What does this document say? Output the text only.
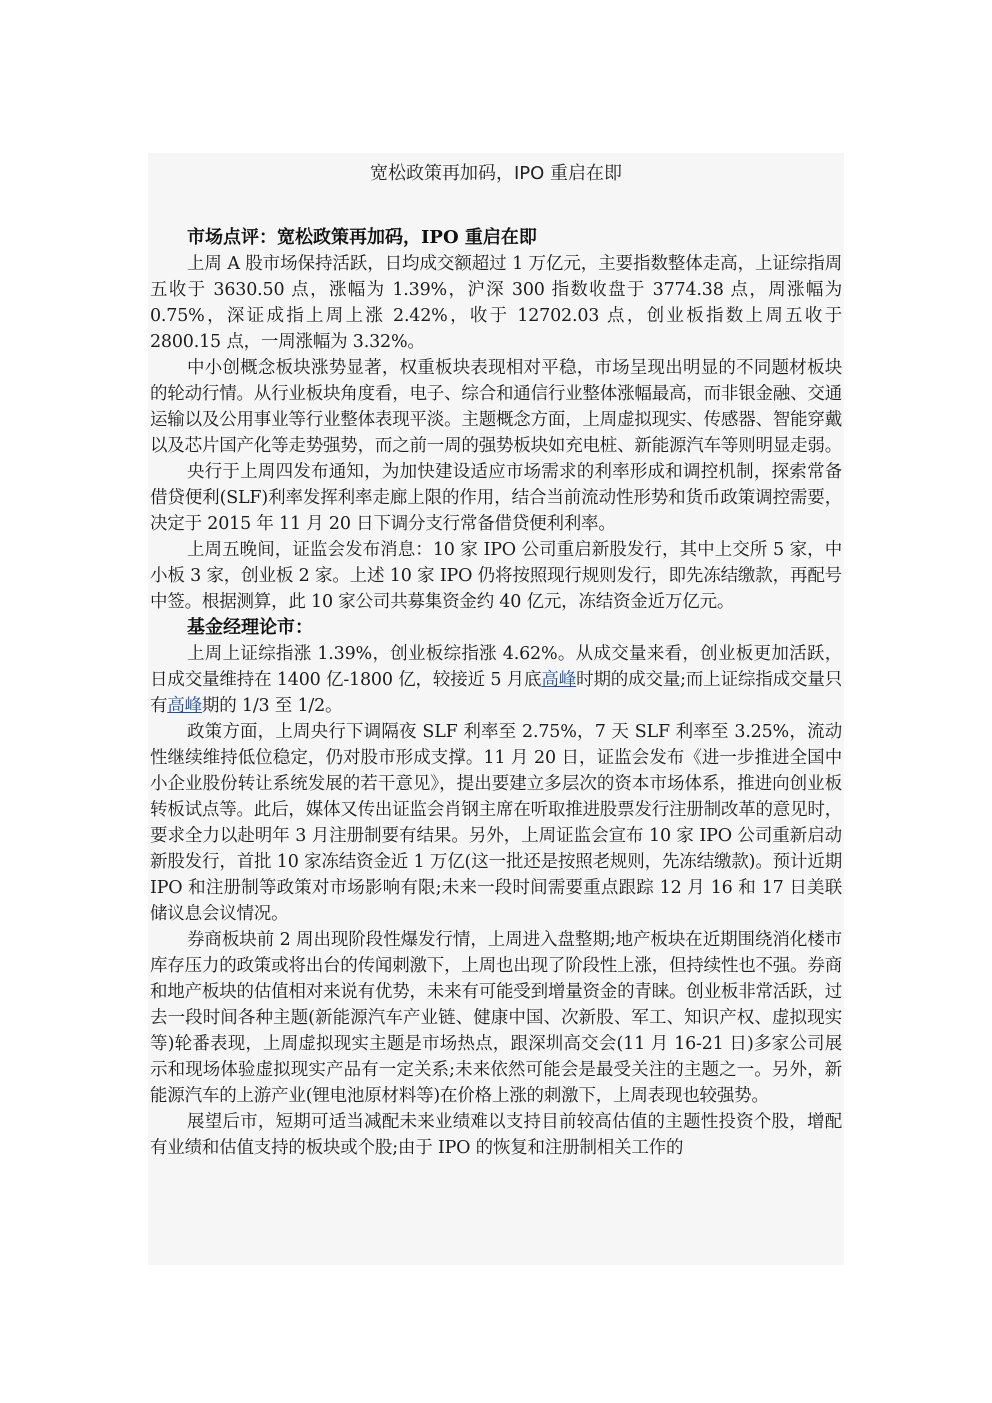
宽松政策再加码，IPO 重启在即
市场点评：宽松政策再加码，IPO 重启在即

上周 A 股市场保持活跃，日均成交额超过 1 万亿元，主要指数整体走高，上证综指周五收于 3630.50 点，涨幅为 1.39%，沪深 300 指数收盘于 3774.38 点，周涨幅为 0.75%，深证成指上周上涨 2.42%，收于 12702.03 点，创业板指数上周五收于 2800.15 点，一周涨幅为 3.32%。

中小创概念板块涨势显著，权重板块表现相对平稳，市场呈现出明显的不同题材板块的轮动行情。从行业板块角度看，电子、综合和通信行业整体涨幅最高，而非银金融、交通运输以及公用事业等行业整体表现平淡。主题概念方面，上周虚拟现实、传感器、智能穿戴以及芯片国产化等走势强势，而之前一周的强势板块如充电桩、新能源汽车等则明显走弱。

央行于上周四发布通知，为加快建设适应市场需求的利率形成和调控机制，探索常备借贷便利(SLF)利率发挥利率走廊上限的作用，结合当前流动性形势和货币政策调控需要，决定于 2015 年 11 月 20 日下调分支行常备借贷便利利率。

上周五晚间，证监会发布消息：10 家 IPO 公司重启新股发行，其中上交所 5 家，中小板 3 家，创业板 2 家。上述 10 家 IPO 仍将按照现行规则发行，即先冻结缴款，再配号中签。根据测算，此 10 家公司共募集资金约 40 亿元，冻结资金近万亿元。

基金经理论市：

上周上证综指涨 1.39%，创业板综指涨 4.62%。从成交量来看，创业板更加活跃，日成交量维持在 1400 亿-1800 亿，较接近 5 月底高峰时期的成交量;而上证综指成交量只有高峰期的 1/3 至 1/2。

政策方面，上周央行下调隔夜 SLF 利率至 2.75%，7 天 SLF 利率至 3.25%，流动性继续维持低位稳定，仍对股市形成支撑。11 月 20 日，证监会发布《进一步推进全国中小企业股份转让系统发展的若干意见》，提出要建立多层次的资本市场体系，推进向创业板转板试点等。此后，媒体又传出证监会肖钢主席在听取推进股票发行注册制改革的意见时，要求全力以赴明年 3 月注册制要有结果。另外，上周证监会宣布 10 家 IPO 公司重新启动新股发行，首批 10 家冻结资金近 1 万亿(这一批还是按照老规则，先冻结缴款)。预计近期 IPO 和注册制等政策对市场影响有限;未来一段时间需要重点跟踪 12 月 16 和 17 日美联储议息会议情况。

券商板块前 2 周出现阶段性爆发行情，上周进入盘整期;地产板块在近期围绕消化楼市库存压力的政策或将出台的传闻刺激下，上周也出现了阶段性上涨，但持续性也不强。券商和地产板块的估值相对来说有优势，未来有可能受到增量资金的青睐。创业板非常活跃，过去一段时间各种主题(新能源汽车产业链、健康中国、次新股、军工、知识产权、虚拟现实等)轮番表现，上周虚拟现实主题是市场热点，跟深圳高交会(11 月 16-21 日)多家公司展示和现场体验虚拟现实产品有一定关系;未来依然可能会是最受关注的主题之一。另外，新能源汽车的上游产业(锂电池原材料等)在价格上涨的刺激下，上周表现也较强势。

展望后市，短期可适当减配未来业绩难以支持目前较高估值的主题性投资个股，增配有业绩和估值支持的板块或个股;由于 IPO 的恢复和注册制相关工作的
